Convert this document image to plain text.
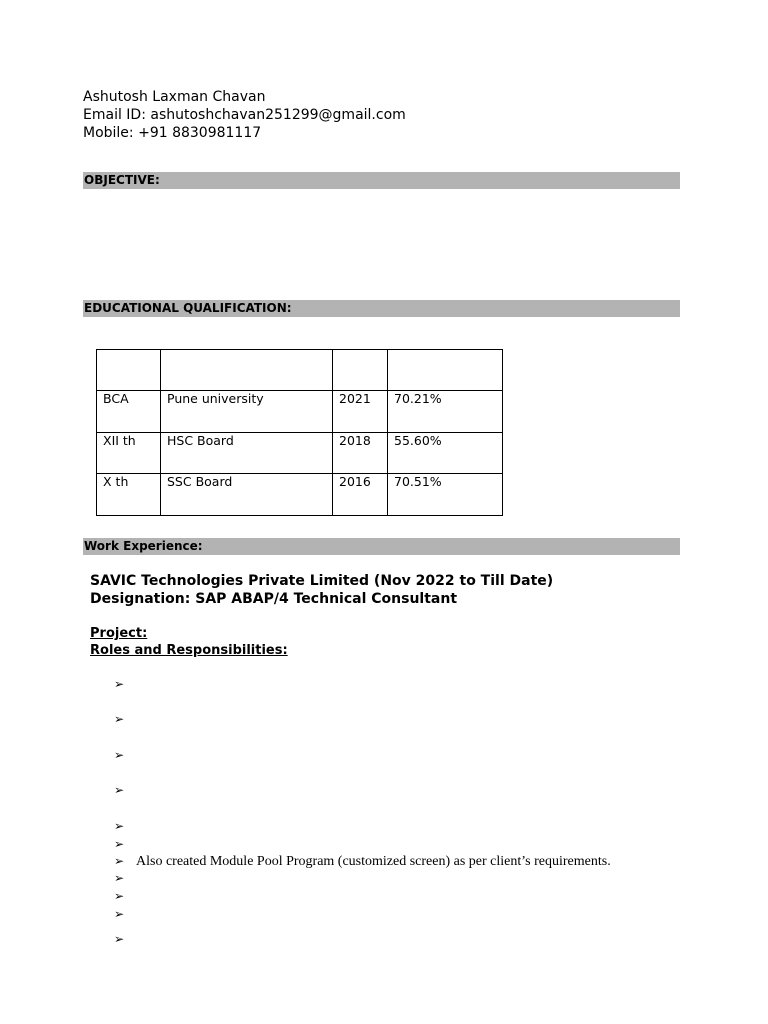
Ashutosh Laxman Chavan
Email ID: ashutoshchavan251299@gmail.com
Mobile: +91 8830981117
OBJECTIVE:
EDUCATIONAL QUALIFICATION:

BCA	Pune university	2021	70.21%

XII th	HSC Board	2018	55.60%

X th	SSC Board	2016	70.51%
Work Experience:
SAVIC Technologies Private Limited (Nov 2022 to Till Date)
Designation: SAP ABAP/4 Technical Consultant
Project:
Roles and Responsibilities:
➢
➢
➢
➢
➢
➢
➢ Also created Module Pool Program (customized screen) as per client’s requirements.
➢
➢
➢
➢
